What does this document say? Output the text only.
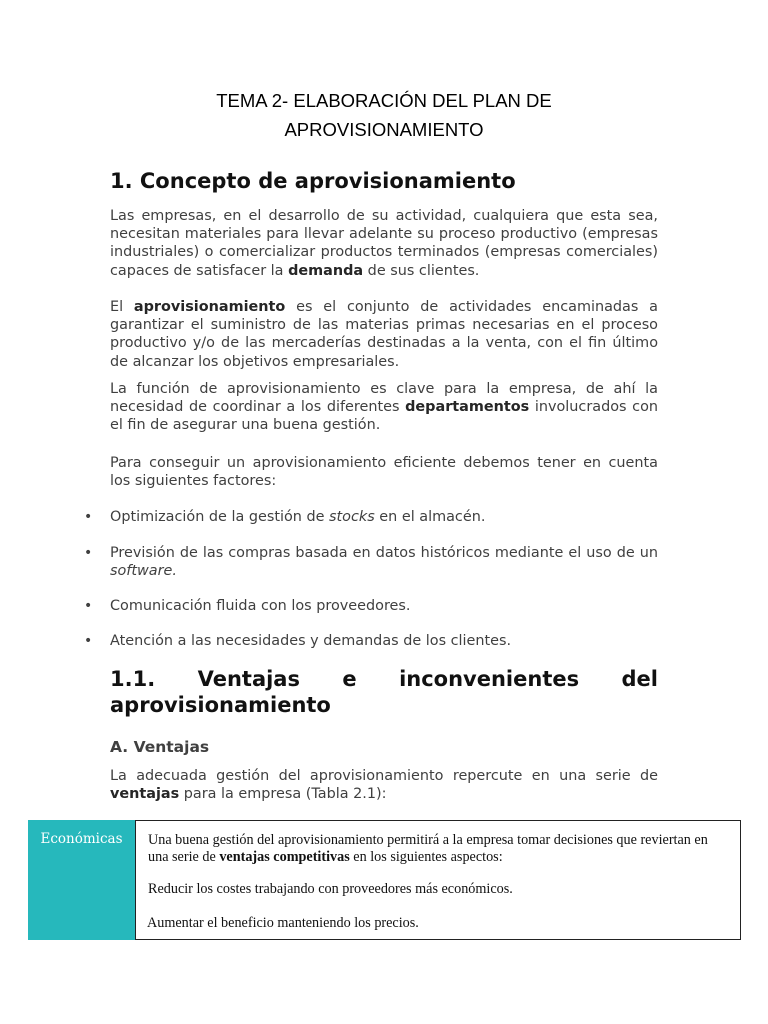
TEMA 2- ELABORACIÓN DEL PLAN DE
APROVISIONAMIENTO
1. Concepto de aprovisionamiento

Las empresas, en el desarrollo de su actividad, cualquiera que esta sea, necesitan materiales para llevar adelante su proceso productivo (empresas industriales) o comercializar productos terminados (empresas comerciales) capaces de satisfacer la demanda de sus clientes.

El aprovisionamiento es el conjunto de actividades encaminadas a garantizar el suministro de las materias primas necesarias en el proceso productivo y/o de las mercaderías destinadas a la venta, con el fin último de alcanzar los objetivos empresariales.

La función de aprovisionamiento es clave para la empresa, de ahí la necesidad de coordinar a los diferentes departamentos involucrados con el fin de asegurar una buena gestión.

Para conseguir un aprovisionamiento eficiente debemos tener en cuenta los siguientes factores:

• Optimización de la gestión de stocks en el almacén.

• Previsión de las compras basada en datos históricos mediante el uso de un software.

• Comunicación fluida con los proveedores.

• Atención a las necesidades y demandas de los clientes.

1.1. Ventajas e inconvenientes del
aprovisionamiento
A. Ventajas

La adecuada gestión del aprovisionamiento repercute en una serie de ventajas para la empresa (Tabla 2.1):

Económicas	Una buena gestión del aprovisionamiento permitirá a la empresa tomar decisiones que reviertan en una serie de ventajas competitivas en los siguientes aspectos:

Reducir los costes trabajando con proveedores más económicos.

Aumentar el beneficio manteniendo los precios.
